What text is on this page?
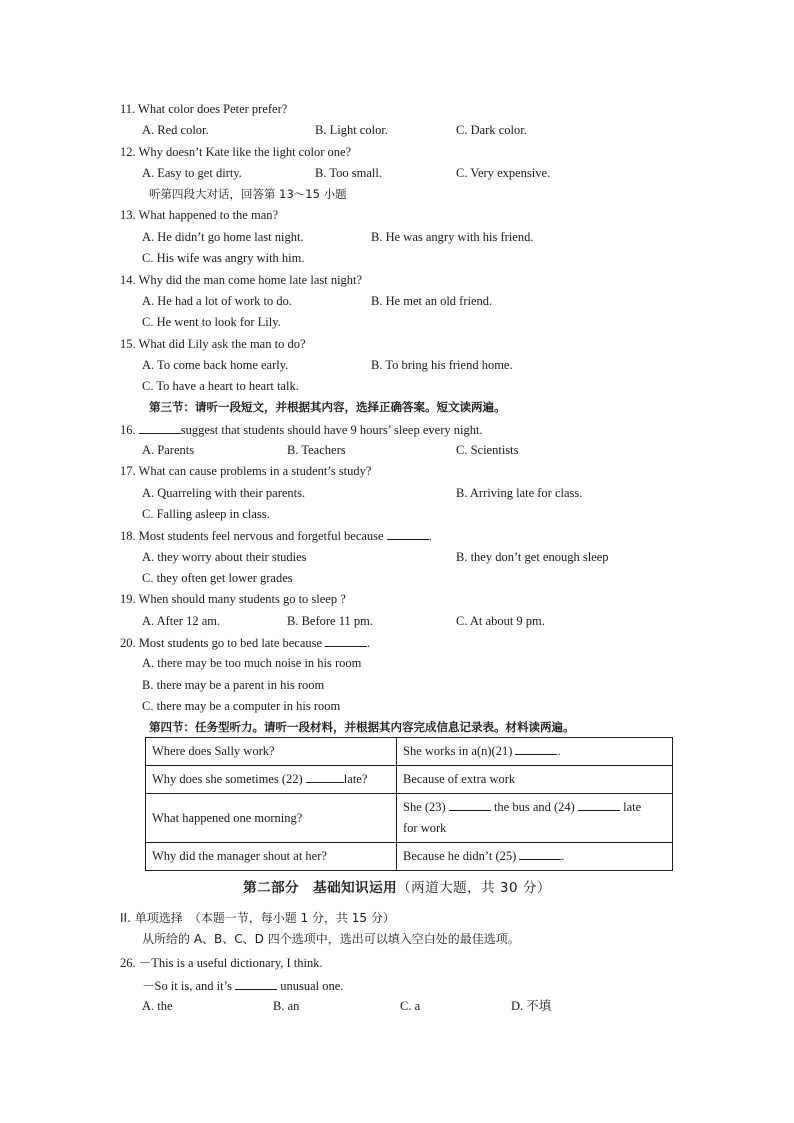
11. What color does Peter prefer?
A. Red color.	B. Light color.	C. Dark color.
12. Why doesn’t Kate like the light color one?
A. Easy to get dirty.	B. Too small.	C. Very expensive.
听第四段大对话，回答第 13～15 小题
13. What happened to the man?
A. He didn’t go home last night.	B. He was angry with his friend.
C. His wife was angry with him.
14. Why did the man come home late last night?
A. He had a lot of work to do.	B. He met an old friend.
C. He went to look for Lily.
15. What did Lily ask the man to do?
A. To come back home early.	B. To bring his friend home.
C. To have a heart to heart talk.
第三节：请听一段短文，并根据其内容，选择正确答案。短文读两遍。
16.	suggest that students should have 9 hours’ sleep every night.
A. Parents	B. Teachers	C. Scientists
17. What can cause problems in a student’s study?
A. Quarreling with their parents.	B. Arriving late for class.
C. Falling asleep in class.
18. Most students feel nervous and forgetful because	.
A. they worry about their studies	B. they don’t get enough sleep
C. they often get lower grades
19. When should many students go to sleep ?
A. After 12 am.	B. Before 11 pm.	C. At about 9 pm.
20. Most students go to bed late because	.
A. there may be too much noise in his room
B. there may be a parent in his room
C. there may be a computer in his room
第四节：任务型听力。请听一段材料，并根据其内容完成信息记录表。材料读两遍。
Where does Sally work?	She works in a(n)(21) .
Why does she sometimes (22) late?	Because of extra work
What happened one morning?	She (23) the bus and (24) late
for work
Why did the manager shout at her?	Because he didn’t (25) .
第二部分　基础知识运用（两道大题，共 30 分）
II. 单项选择　（本题一节，每小题 1 分，共 15 分）
从所给的 A、B、C、D 四个选项中，选出可以填入空白处的最佳选项。
26. －This is a useful dictionary, I think.
－So it is, and it’s	unusual one.
A. the	B. an	C. a	D. 不填
